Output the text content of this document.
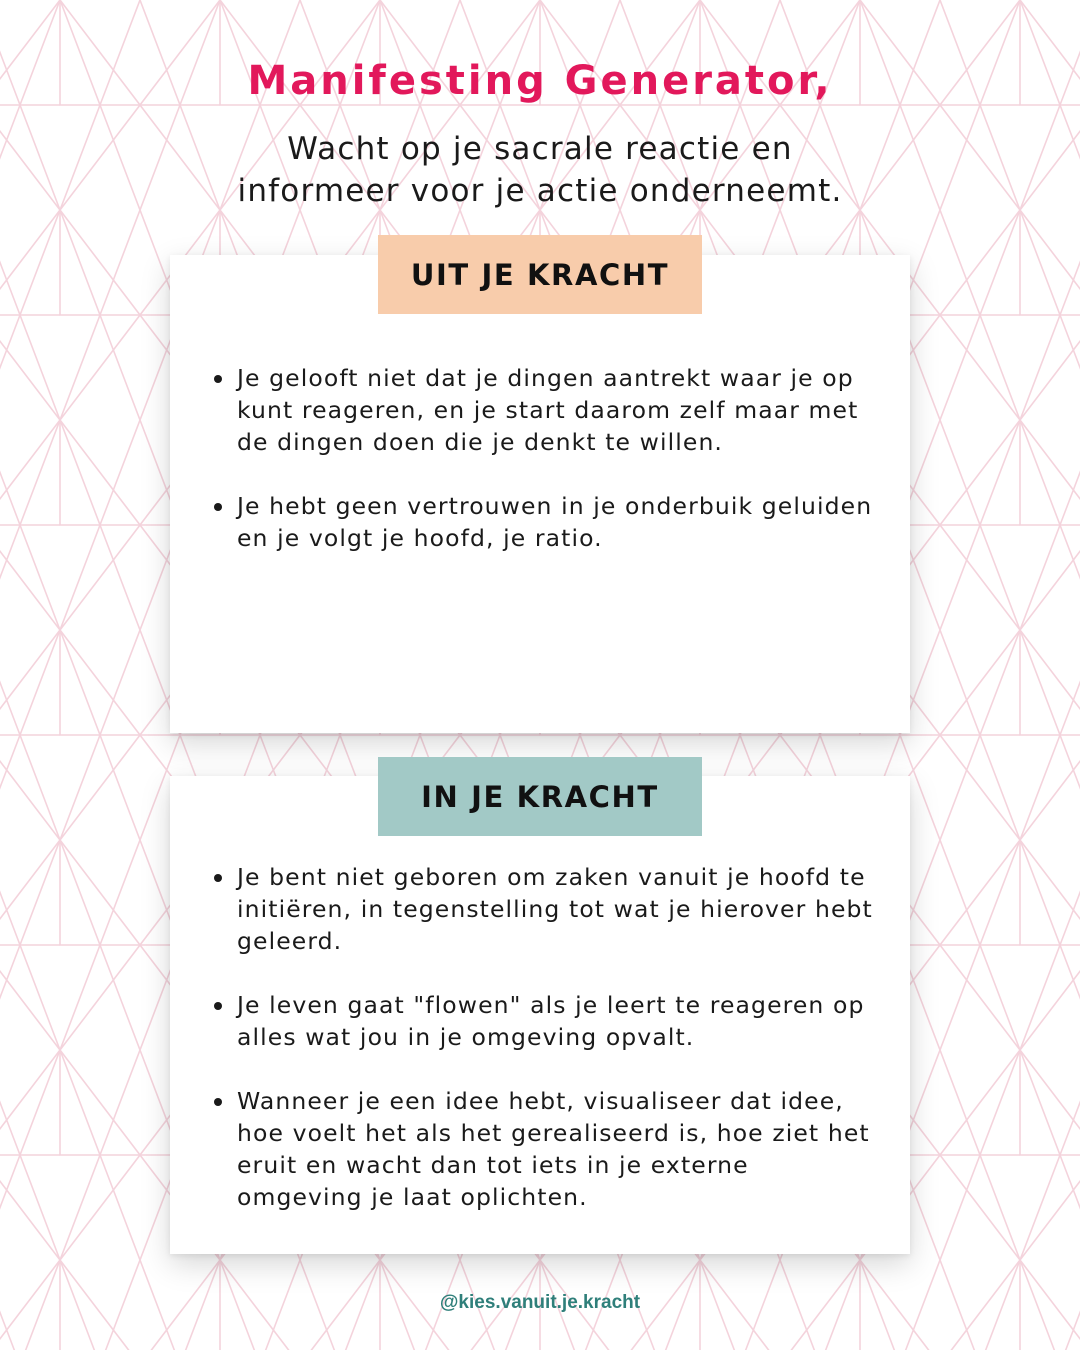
Manifesting Generator,
Wacht op je sacrale reactie en
informeer voor je actie onderneemt.
UIT JE KRACHT
Je gelooft niet dat je dingen aantrekt waar je op kunt reageren, en je start daarom zelf maar met de dingen doen die je denkt te willen.
Je hebt geen vertrouwen in je onderbuik geluiden en je volgt je hoofd, je ratio.
IN JE KRACHT
Je bent niet geboren om zaken vanuit je hoofd te initiëren, in tegenstelling tot wat je hierover hebt geleerd.
Je leven gaat "flowen" als je leert te reageren op alles wat jou in je omgeving opvalt.
Wanneer je een idee hebt, visualiseer dat idee, hoe voelt het als het gerealiseerd is, hoe ziet het eruit en wacht dan tot iets in je externe omgeving je laat oplichten.
@kies.vanuit.je.kracht
